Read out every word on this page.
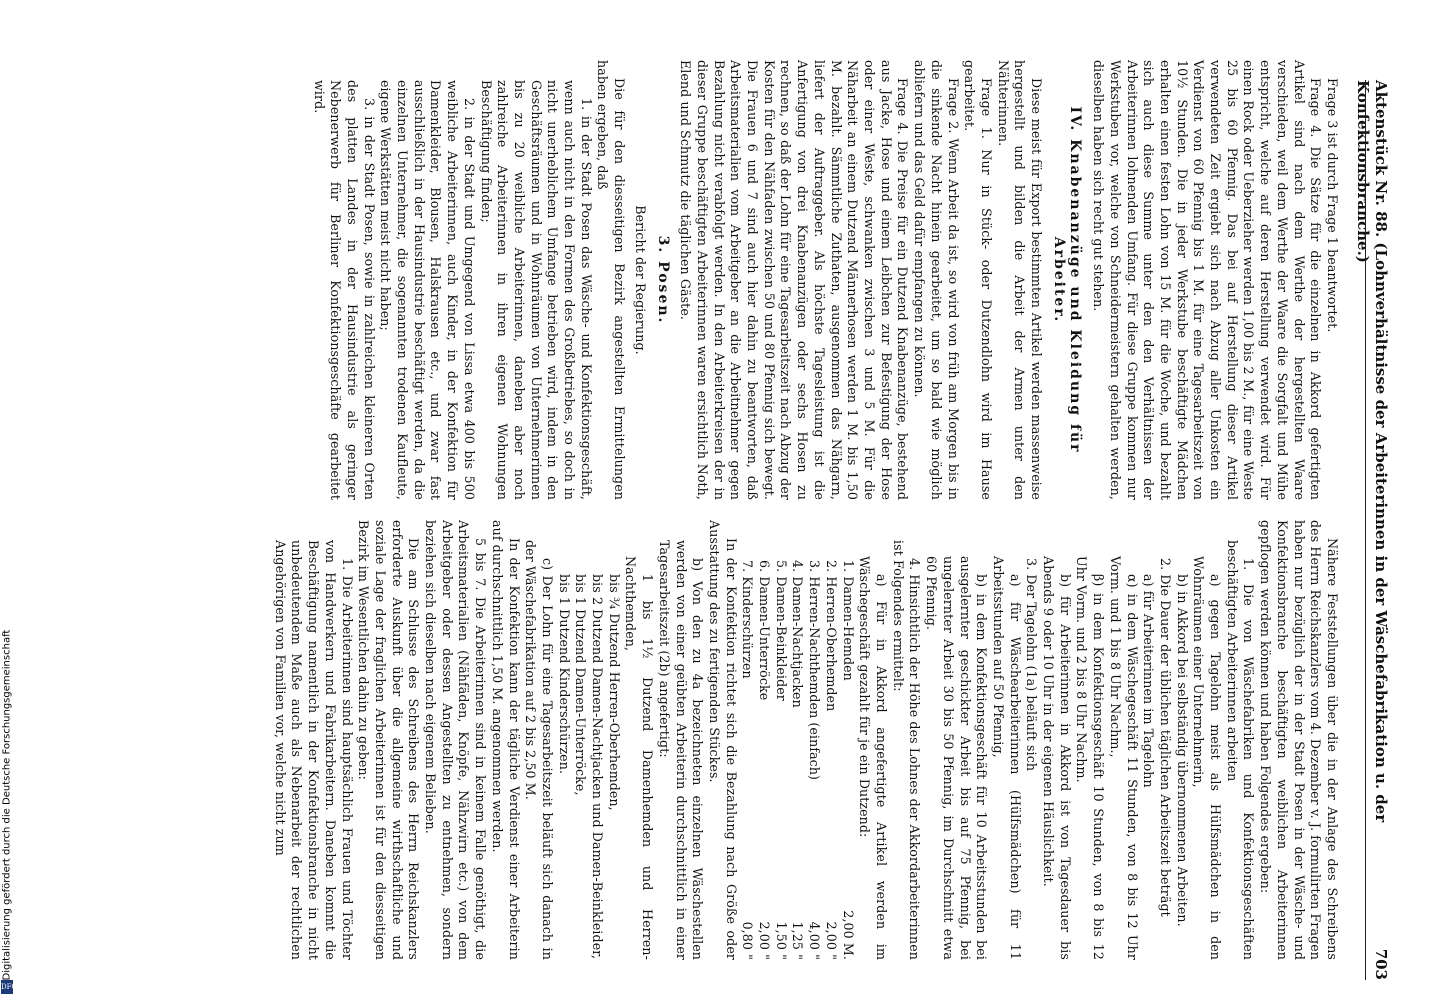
Digitalisierung gefördert durch die Deutsche Forschungsgemeinschaft
DFG
Aktenstück Nr. 88. (Lohnverhältnisse der Arbeiterinnen in der Wäschefabrikation u. der Konfektionsbranche.)
703

Frage 3 ist durch Frage 1 beantwortet.

Frage 4. Die Sätze für die einzelnen in Akkord gefertigten Artikel sind nach dem Werthe der hergestellten Waare verschieden, weil dem Werthe der Waare die Sorgfalt und Mühe entspricht, welche auf deren Herstellung verwendet wird. Für einen Rock oder Ueberzieher werden 1,00 bis 2 M., für eine Weste 25 bis 60 Pfennig. Das bei auf Herstellung dieser Artikel verwendeten Zeit ergiebt sich nach Abzug aller Unkosten ein Verdienst von 60 Pfennig bis 1 M. für eine Tagesarbeitszeit von 10½ Stunden. Die in jeder Werkstube beschäftigte Mädchen erhalten einen festen Lohn von 15 M. für die Woche, und bezahlt sich auch diese Summe unter den den Verhältnissen der Arbeiterinnen lohnenden Umfang. Für diese Gruppe kommen nur Werkstuben vor, welche von Schneidermeistern gehalten werden, dieselben haben sich recht gut stehen.

IV. Knabenanzüge und Kleidung für Arbeiter.

Diese meist für Export bestimmten Artikel werden massenweise hergestellt und bilden die Arbeit der Armen unter den Nähterinnen.

Frage 1. Nur in Stück- oder Dutzendlohn wird im Hause gearbeitet.

Frage 2. Wenn Arbeit da ist, so wird von früh am Morgen bis in die sinkende Nacht hinein gearbeitet, um so bald wie möglich abliefern und das Geld dafür empfangen zu können.

Frage 4. Die Preise für ein Dutzend Knabenanzüge, bestehend aus Jacke, Hose und einem Leibchen zur Befestigung der Hose oder einer Weste, schwanken zwischen 3 und 5 M. Für die Näharbeit an einem Dutzend Männerhosen werden 1 M. bis 1,50 M. bezahlt. Sämmtliche Zuthaten, ausgenommen das Nähgarn, liefert der Auftraggeber. Als höchste Tagesleistung ist die Anfertigung von drei Knabenanzügen oder sechs Hosen zu rechnen, so daß der Lohn für eine Tagesarbeitszeit nach Abzug der Kosten für den Nähfaden zwischen 50 und 80 Pfennig sich bewegt. Die Frauen 6 und 7 sind auch hier dahin zu beantworten, daß Arbeitsmaterialien vom Arbeitgeber an die Arbeitnehmer gegen Bezahlung nicht verabfolgt werden. In den Arbeiterkreisen der in dieser Gruppe beschäftigten Arbeiterinnen waren ersichtlich Noth, Elend und Schmutz die täglichen Gäste.

3. Posen.
Bericht der Regierung.

Die für den diesseitigen Bezirk angestellten Ermittelungen haben ergeben, daß

1. in der Stadt Posen das Wäsche- und Konfektionsgeschäft, wenn auch nicht in den Formen des Großbetriebes, so doch in nicht unerheblichem Umfange betrieben wird, indem in den Geschäftsräumen und in Wohnräumen von Unternehmerinnen bis zu 20 weibliche Arbeiterinnen, daneben aber noch zahlreiche Arbeiterinnen in ihren eigenen Wohnungen Beschäftigung finden;

2. in der Stadt und Umgegend von Lissa etwa 400 bis 500 weibliche Arbeiterinnen, auch Kinder, in der Konfektion für Damenkleider, Blousen, Halskrausen etc., und zwar fast ausschließlich in der Hausindustrie beschäftigt werden, da die einzelnen Unternehmer, die sogenannten trodenen Kaufleute, eigene Werkstätten meist nicht haben;

3. in der Stadt Posen, sowie in zahlreichen kleineren Orten des platten Landes in der Hausindustrie als geringer Nebenerwerb für Berliner Konfektionsgeschäfte gearbeitet wird.

Nähere Feststellungen über die in der Anlage des Schreibens des Herrn Reichskanzlers vom 4. Dezember v. J. formulirten Fragen haben nur bezüglich der in der Stadt Posen in der Wäsche- und Konfektionsbranche beschäftigten weiblichen Arbeiterinnen gepflogen werden können und haben Folgendes ergeben:

1. Die von Wäschefabriken und Konfektionsgeschäften beschäftigten Arbeiterinnen arbeiten

a) gegen Tagelohn meist als Hülfsmädchen in den Wohnräumen einer Unternehmerin,

b) in Akkord bei selbständig übernommenen Arbeiten.

2. Die Dauer der üblichen täglichen Arbeitszeit beträgt

a) für Arbeiterinnen im Tagelohn

α) in dem Wäschegeschäft 11 Stunden, von 8 bis 12 Uhr Vorm. und 1 bis 8 Uhr Nachm.,

β) in dem Konfektionsgeschäft 10 Stunden, von 8 bis 12 Uhr Vorm. und 2 bis 8 Uhr Nachm.

b) für Arbeiterinnen in Akkord ist von Tagesdauer bis Abends 9 oder 10 Uhr in der eigenen Häuslichkeit.

3. Der Tagelohn (1a) beläuft sich

a) für Wäschearbeiterinnen (Hülfsmädchen) für 11 Arbeitsstunden auf 50 Pfennig,

b) in dem Konfektionsgeschäft für 10 Arbeitsstunden bei ausgelernter geschickter Arbeit bis auf 75 Pfennig, bei ungelernter Arbeit 30 bis 50 Pfennig, im Durchschnitt etwa 60 Pfennig.

4. Hinsichtlich der Höhe des Lohnes der Akkordarbeiterinnen ist Folgendes ermittelt:

a) Für in Akkord angefertigte Artikel werden im Wäschegeschäft gezahlt für je ein Dutzend:

1. Damen-Hemden
2,00 M.
2. Herren-Oberhemden
2,00 "
3. Herren-Nachthemden (einfach)
4,00 "
4. Damen-Nachtjacken
1,25 "
5. Damen-Beinkleider
1,50 "
6. Damen-Unterröcke
2,00 "
7. Kinderschürzen
0,80 "

In der Konfektion richtet sich die Bezahlung nach Größe oder Ausstattung des zu fertigenden Stückes.

b) Von den zu 4a bezeichneten einzelnen Wäschestellen werden von einer geübten Arbeiterin durchschnittlich in einer Tagesarbeitszeit (2b) angefertigt:

1 bis 1½ Dutzend Damenhemden und Herren-Nachthemden,

bis ¾ Dutzend Herren-Oberhemden,

bis 2 Dutzend Damen-Nachtjacken und Damen-Beinkleider,

bis 1 Dutzend Damen-Unterröcke,

bis 1 Dutzend Kinderschürzen.

c) Der Lohn für eine Tagesarbeitszeit beläuft sich danach in der Wäschefabrikation auf 2 bis 2,50 M.

In der Konfektion kann der tägliche Verdienst einer Arbeiterin auf durchschnittlich 1,50 M. angenommen werden.

5 bis 7. Die Arbeiterinnen sind in keinem Falle genöthigt, die Arbeitsmaterialien (Nähfäden, Knöpfe, Nähzwirn etc.) von dem Arbeitgeber oder dessen Angestellten zu entnehmen, sondern beziehen sich dieselben nach eigenem Belieben.

Die am Schlusse des Schreibens des Herrn Reichskanzlers erforderte Auskunft über die allgemeine wirthschaftliche und soziale Lage der fraglichen Arbeiterinnen ist für den diesseitigen Bezirk im Wesentlichen dahin zu geben:

1. Die Arbeiterinnen sind hauptsächlich Frauen und Töchter von Handwerkern und Fabrikarbeitern. Daneben kommt die Beschäftigung namentlich in der Konfektionsbranche in nicht unbedeutendem Maße auch als Nebenarbeit der rechtlichen Angehörigen von Familien vor, welche nicht zum
